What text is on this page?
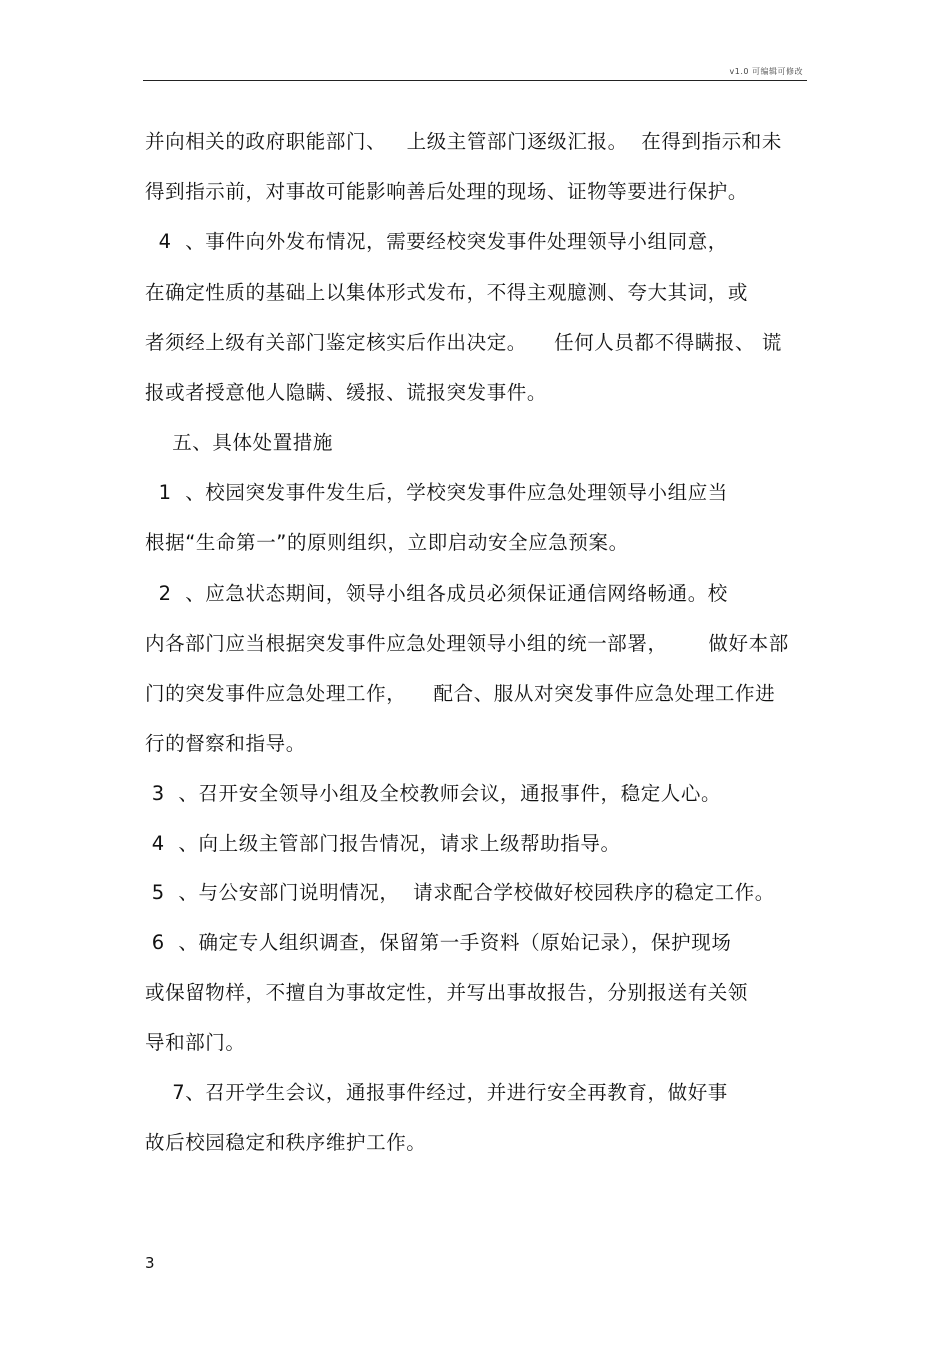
v1.0 可编辑可修改
并向相关的政府职能部门、   上级主管部门逐级汇报。  在得到指示和未
得到指示前，对事故可能影响善后处理的现场、证物等要进行保护。
4  、事件向外发布情况，需要经校突发事件处理领导小组同意，
在确定性质的基础上以集体形式发布，不得主观臆测、夸大其词，或
者须经上级有关部门鉴定核实后作出决定。    任何人员都不得瞒报、 谎
报或者授意他人隐瞒、缓报、谎报突发事件。
五、具体处置措施
1  、校园突发事件发生后，学校突发事件应急处理领导小组应当
根据“生命第一”的原则组织，立即启动安全应急预案。
2  、应急状态期间，领导小组各成员必须保证通信网络畅通。校
内各部门应当根据突发事件应急处理领导小组的统一部署，      做好本部
门的突发事件应急处理工作，    配合、服从对突发事件应急处理工作进
行的督察和指导。
3  、召开安全领导小组及全校教师会议，通报事件，稳定人心。
4  、向上级主管部门报告情况，请求上级帮助指导。
5  、与公安部门说明情况，  请求配合学校做好校园秩序的稳定工作。
6  、确定专人组织调查，保留第一手资料（原始记录），保护现场
或保留物样，不擅自为事故定性，并写出事故报告，分别报送有关领
导和部门。
7、召开学生会议，通报事件经过，并进行安全再教育，做好事
故后校园稳定和秩序维护工作。
3
